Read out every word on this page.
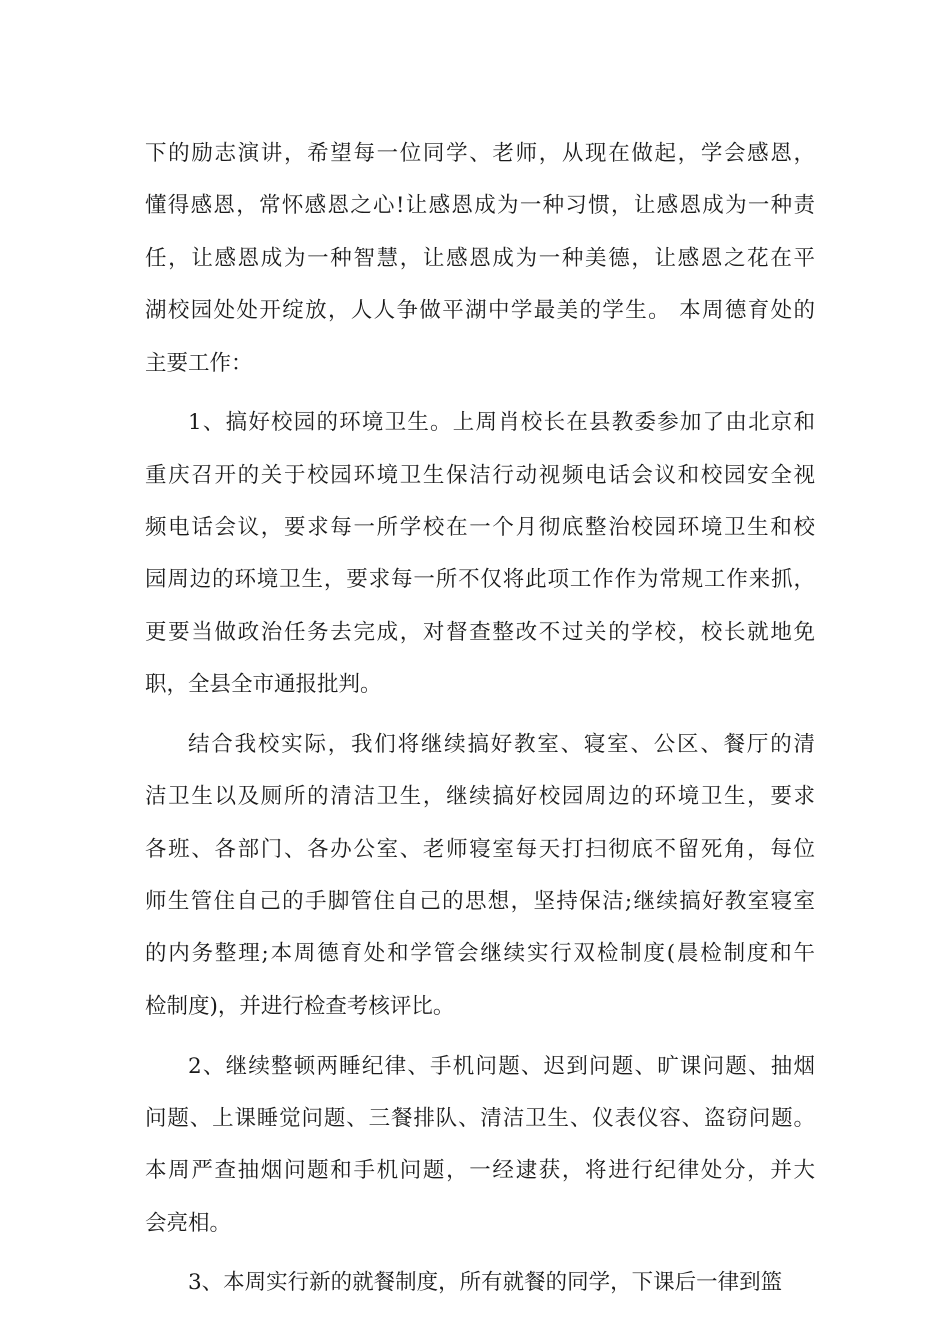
下的励志演讲，希望每一位同学、老师，从现在做起，学会感恩，
懂得感恩，常怀感恩之心!让感恩成为一种习惯，让感恩成为一种责
任，让感恩成为一种智慧，让感恩成为一种美德，让感恩之花在平
湖校园处处开绽放，人人争做平湖中学最美的学生。 本周德育处的
主要工作：
1、搞好校园的环境卫生。上周肖校长在县教委参加了由北京和
重庆召开的关于校园环境卫生保洁行动视频电话会议和校园安全视
频电话会议，要求每一所学校在一个月彻底整治校园环境卫生和校
园周边的环境卫生，要求每一所不仅将此项工作作为常规工作来抓，
更要当做政治任务去完成，对督查整改不过关的学校，校长就地免
职，全县全市通报批判。
结合我校实际，我们将继续搞好教室、寝室、公区、餐厅的清
洁卫生以及厕所的清洁卫生，继续搞好校园周边的环境卫生，要求
各班、各部门、各办公室、老师寝室每天打扫彻底不留死角，每位
师生管住自己的手脚管住自己的思想，坚持保洁;继续搞好教室寝室
的内务整理;本周德育处和学管会继续实行双检制度(晨检制度和午
检制度)，并进行检查考核评比。
2、继续整顿两睡纪律、手机问题、迟到问题、旷课问题、抽烟
问题、上课睡觉问题、三餐排队、清洁卫生、仪表仪容、盗窃问题。
本周严查抽烟问题和手机问题，一经逮获，将进行纪律处分，并大
会亮相。
3、本周实行新的就餐制度，所有就餐的同学，下课后一律到篮
